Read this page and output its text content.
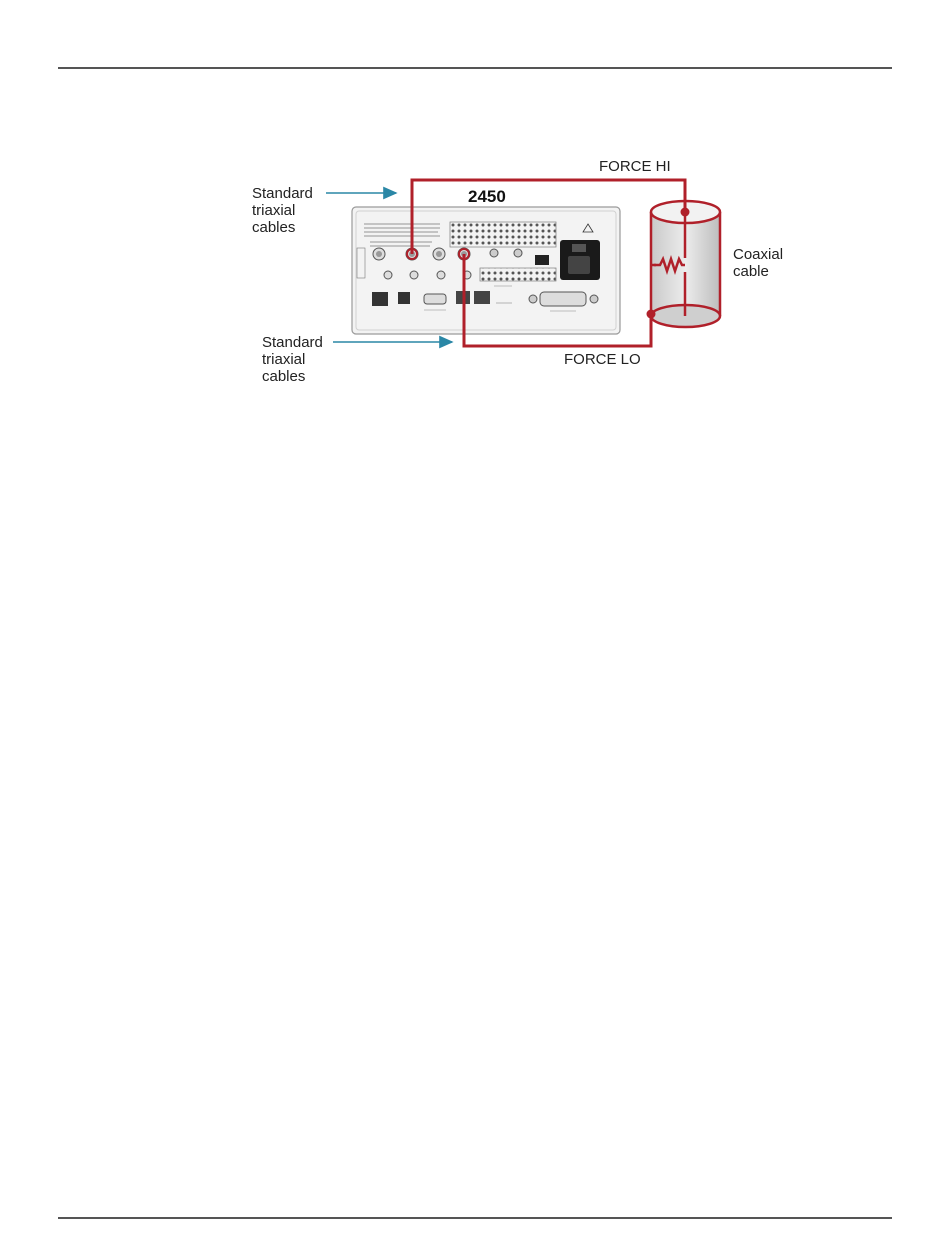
2450
FORCE HI
FORCE LO
Coaxial
cable
Standard
triaxial
cables
Standard
triaxial
cables
